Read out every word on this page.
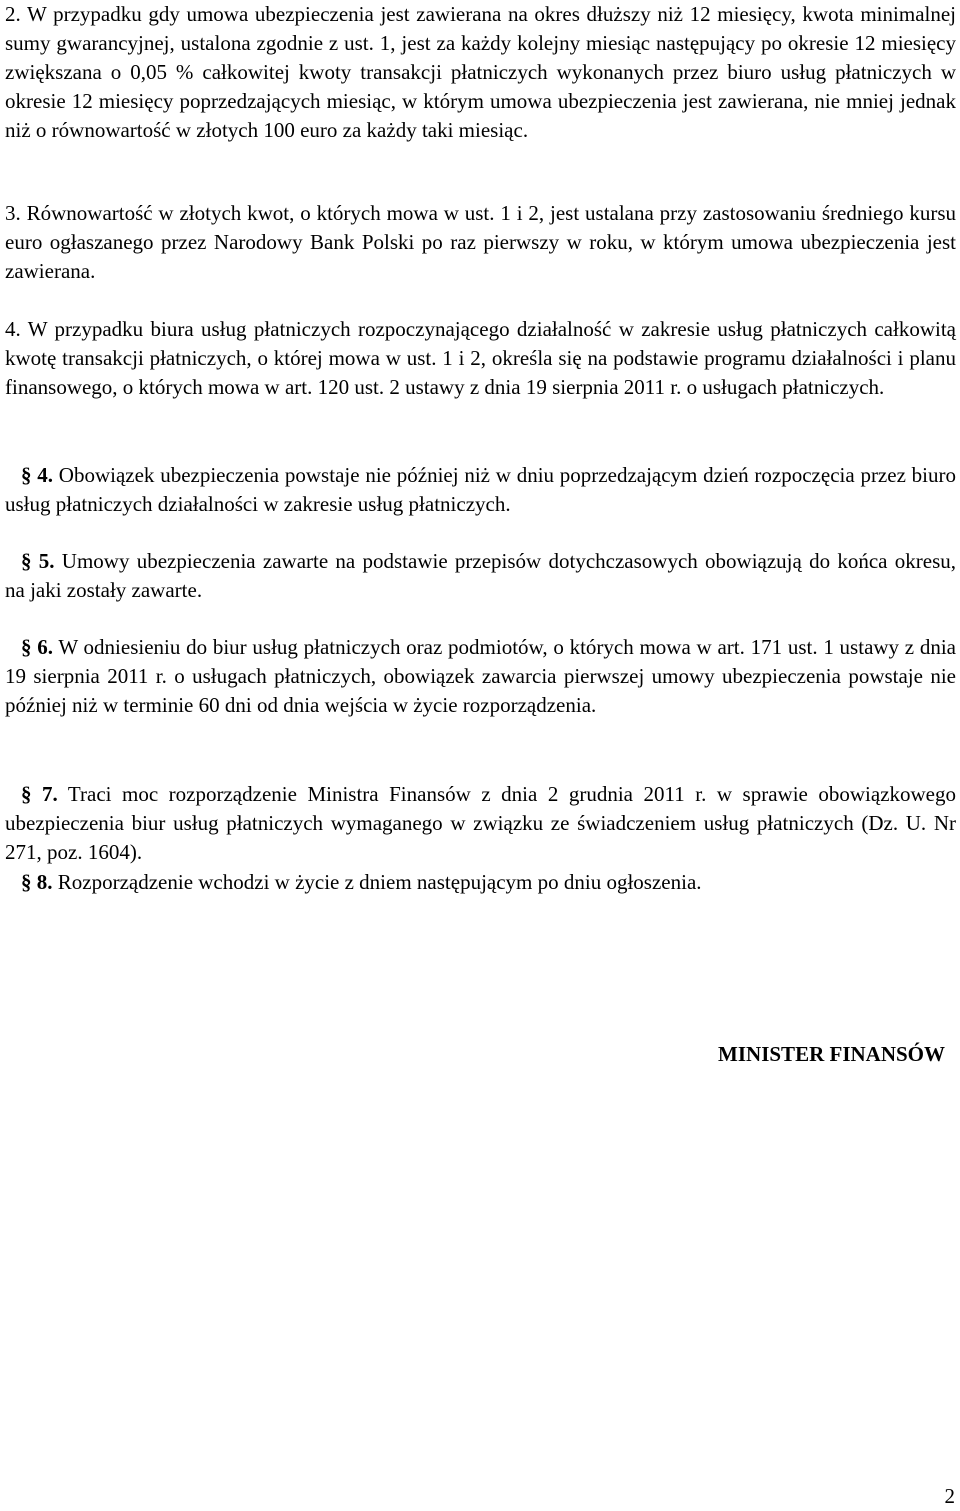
2. W przypadku gdy umowa ubezpieczenia jest zawierana na okres dłuższy niż 12 miesięcy, kwota minimalnej sumy gwarancyjnej, ustalona zgodnie z ust. 1, jest za każdy kolejny miesiąc następujący po okresie 12 miesięcy zwiększana o 0,05 % całkowitej kwoty transakcji płatniczych wykonanych przez biuro usług płatniczych w okresie 12 miesięcy poprzedzających miesiąc, w którym umowa ubezpieczenia jest zawierana, nie mniej jednak niż o równowartość w złotych 100 euro za każdy taki miesiąc.

3. Równowartość w złotych kwot, o których mowa w ust. 1 i 2, jest ustalana przy zastosowaniu średniego kursu euro ogłaszanego przez Narodowy Bank Polski po raz pierwszy w roku, w którym umowa ubezpieczenia jest zawierana.

4. W przypadku biura usług płatniczych rozpoczynającego działalność w zakresie usług płatniczych całkowitą kwotę transakcji płatniczych, o której mowa w ust. 1 i 2, określa się na podstawie programu działalności i planu finansowego, o których mowa w art. 120 ust. 2 ustawy z dnia 19 sierpnia 2011 r. o usługach płatniczych.

§ 4. Obowiązek ubezpieczenia powstaje nie później niż w dniu poprzedzającym dzień rozpoczęcia przez biuro usług płatniczych działalności w zakresie usług płatniczych.

§ 5. Umowy ubezpieczenia zawarte na podstawie przepisów dotychczasowych obowiązują do końca okresu, na jaki zostały zawarte.

§ 6. W odniesieniu do biur usług płatniczych oraz podmiotów, o których mowa w art. 171 ust. 1 ustawy z dnia 19 sierpnia 2011 r. o usługach płatniczych, obowiązek zawarcia pierwszej umowy ubezpieczenia powstaje nie później niż w terminie 60 dni od dnia wejścia w życie rozporządzenia.

§ 7. Traci moc rozporządzenie Ministra Finansów z dnia 2 grudnia 2011 r. w sprawie obowiązkowego ubezpieczenia biur usług płatniczych wymaganego w związku ze świadczeniem usług płatniczych (Dz. U. Nr 271, poz. 1604).

§ 8. Rozporządzenie wchodzi w życie z dniem następującym po dniu ogłoszenia.

MINISTER FINANSÓW
2
